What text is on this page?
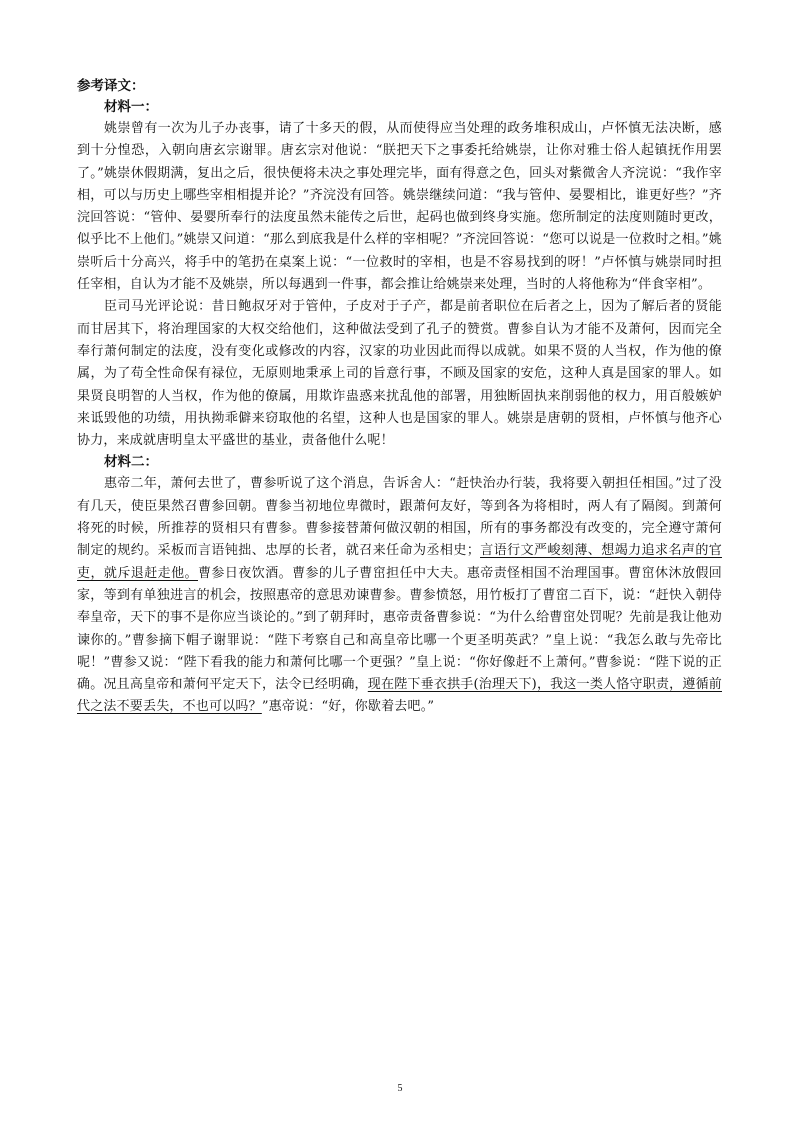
参考译文：
材料一：

姚崇曾有一次为儿子办丧事，请了十多天的假，从而使得应当处理的政务堆积成山，卢怀慎无法决断，感到十分惶恐，入朝向唐玄宗谢罪。唐玄宗对他说：“朕把天下之事委托给姚崇，让你对雅士俗人起镇抚作用罢了。”姚崇休假期满，复出之后，很快便将未决之事处理完毕，面有得意之色，回头对紫微舍人齐浣说：“我作宰相，可以与历史上哪些宰相相提并论？”齐浣没有回答。姚崇继续问道：“我与管仲、晏婴相比，谁更好些？”齐浣回答说：“管仲、晏婴所奉行的法度虽然未能传之后世，起码也做到终身实施。您所制定的法度则随时更改，似乎比不上他们。”姚崇又问道：“那么到底我是什么样的宰相呢？”齐浣回答说：“您可以说是一位救时之相。”姚崇听后十分高兴，将手中的笔扔在桌案上说：“一位救时的宰相，也是不容易找到的呀！”卢怀慎与姚崇同时担任宰相，自认为才能不及姚崇，所以每遇到一件事，都会推让给姚崇来处理，当时的人将他称为“伴食宰相”。

臣司马光评论说：昔日鲍叔牙对于管仲，子皮对于子产，都是前者职位在后者之上，因为了解后者的贤能而甘居其下，将治理国家的大权交给他们，这种做法受到了孔子的赞赏。曹参自认为才能不及萧何，因而完全奉行萧何制定的法度，没有变化或修改的内容，汉家的功业因此而得以成就。如果不贤的人当权，作为他的僚属，为了苟全性命保有禄位，无原则地秉承上司的旨意行事，不顾及国家的安危，这种人真是国家的罪人。如果贤良明智的人当权，作为他的僚属，用欺诈蛊惑来扰乱他的部署，用独断固执来削弱他的权力，用百般嫉妒来诋毁他的功绩，用执拗乖僻来窃取他的名望，这种人也是国家的罪人。姚崇是唐朝的贤相，卢怀慎与他齐心协力，来成就唐明皇太平盛世的基业，责备他什么呢！

材料二：

惠帝二年，萧何去世了，曹参听说了这个消息，告诉舍人：“赶快治办行装，我将要入朝担任相国。”过了没有几天，使臣果然召曹参回朝。曹参当初地位卑微时，跟萧何友好，等到各为将相时，两人有了隔阂。到萧何将死的时候，所推荐的贤相只有曹参。曹参接替萧何做汉朝的相国，所有的事务都没有改变的，完全遵守萧何制定的规约。采板而言语钝拙、忠厚的长者，就召来任命为丞相史；言语行文严峻刻薄、想竭力追求名声的官吏，就斥退赶走他。曹参日夜饮酒。曹参的儿子曹窋担任中大夫。惠帝责怪相国不治理国事。曹窋休沐放假回家，等到有单独进言的机会，按照惠帝的意思劝谏曹参。曹参愤怒，用竹板打了曹窋二百下，说：“赶快入朝侍奉皇帝，天下的事不是你应当谈论的。”到了朝拜时，惠帝责备曹参说：“为什么给曹窋处罚呢？先前是我让他劝谏你的。”曹参摘下帽子谢罪说：“陛下考察自己和高皇帝比哪一个更圣明英武？”皇上说：“我怎么敢与先帝比呢！”曹参又说：“陛下看我的能力和萧何比哪一个更强？”皇上说：“你好像赶不上萧何。”曹参说：“陛下说的正确。况且高皇帝和萧何平定天下，法令已经明确，现在陛下垂衣拱手(治理天下)，我这一类人恪守职责，遵循前代之法不要丢失，不也可以吗？”惠帝说：“好，你歇着去吧。”

5
